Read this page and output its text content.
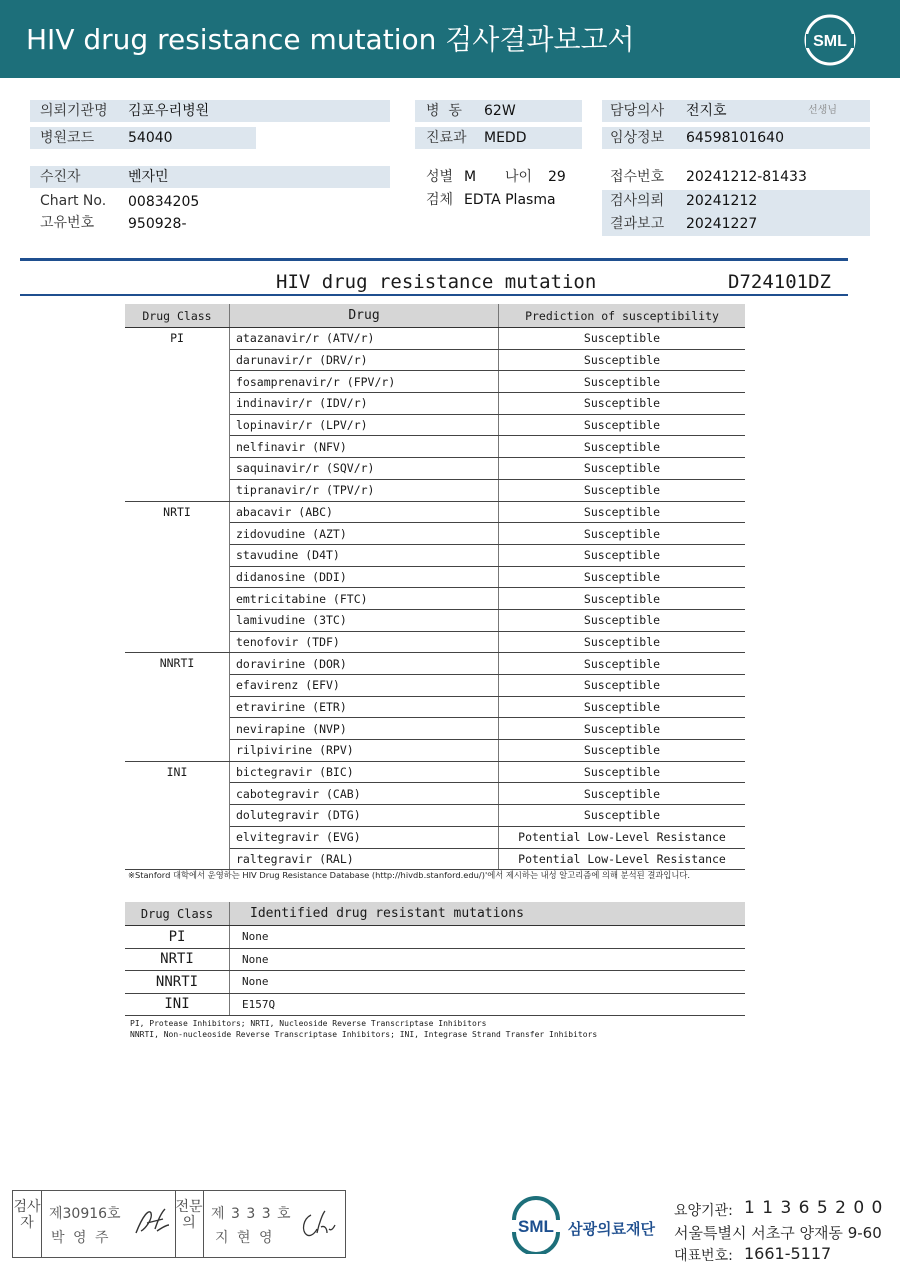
HIV drug resistance mutation 검사결과보고서	SML
의뢰기관명 김포우리병원
병원코드 54040
병  동 62W
진료과 MEDD
담당의사 전지호	선생님
임상정보 64598101640
수진자	벤자민
Chart No. 00834205
고유번호 950928-
성별 M 나이 29
검체 EDTA Plasma
접수번호 20241212-81433
검사의뢰 20241212
결과보고 20241227
HIV drug resistance mutation	D724101DZ
Drug Class	Drug	Prediction of susceptibility
PI	atazanavir/r (ATV/r)	Susceptible
	darunavir/r (DRV/r)	Susceptible
	fosamprenavir/r (FPV/r)	Susceptible
	indinavir/r (IDV/r)	Susceptible
	lopinavir/r (LPV/r)	Susceptible
	nelfinavir (NFV)	Susceptible
	saquinavir/r (SQV/r)	Susceptible
	tipranavir/r (TPV/r)	Susceptible
NRTI	abacavir (ABC)	Susceptible
	zidovudine (AZT)	Susceptible
	stavudine (D4T)	Susceptible
	didanosine (DDI)	Susceptible
	emtricitabine (FTC)	Susceptible
	lamivudine (3TC)	Susceptible
	tenofovir (TDF)	Susceptible
NNRTI	doravirine (DOR)	Susceptible
	efavirenz (EFV)	Susceptible
	etravirine (ETR)	Susceptible
	nevirapine (NVP)	Susceptible
	rilpivirine (RPV)	Susceptible
INI	bictegravir (BIC)	Susceptible
	cabotegravir (CAB)	Susceptible
	dolutegravir (DTG)	Susceptible
	elvitegravir (EVG)	Potential Low-Level Resistance
	raltegravir (RAL)	Potential Low-Level Resistance
※Stanford 대학에서 운영하는 HIV Drug Resistance Database (http://hivdb.stanford.edu/)'에서 제시하는 내성 알고리즘에 의해 분석된 결과입니다.
Drug Class	Identified drug resistant mutations
PI	None
NRTI	None
NNRTI	None
INI	E157Q
PI, Protease Inhibitors; NRTI, Nucleoside Reverse Transcriptase Inhibitors
NNRTI, Non-nucleoside Reverse Transcriptase Inhibitors; INI, Integrase Strand Transfer Inhibitors
검사자
제30916호
박 영 주
전문의
제 3 3 3 호
지 현 영
SML 삼광의료재단
요양기관: 1 1 3 6 5 2 0 0
서울특별시 서초구 양재동 9-60
대표번호: 1661-5117
